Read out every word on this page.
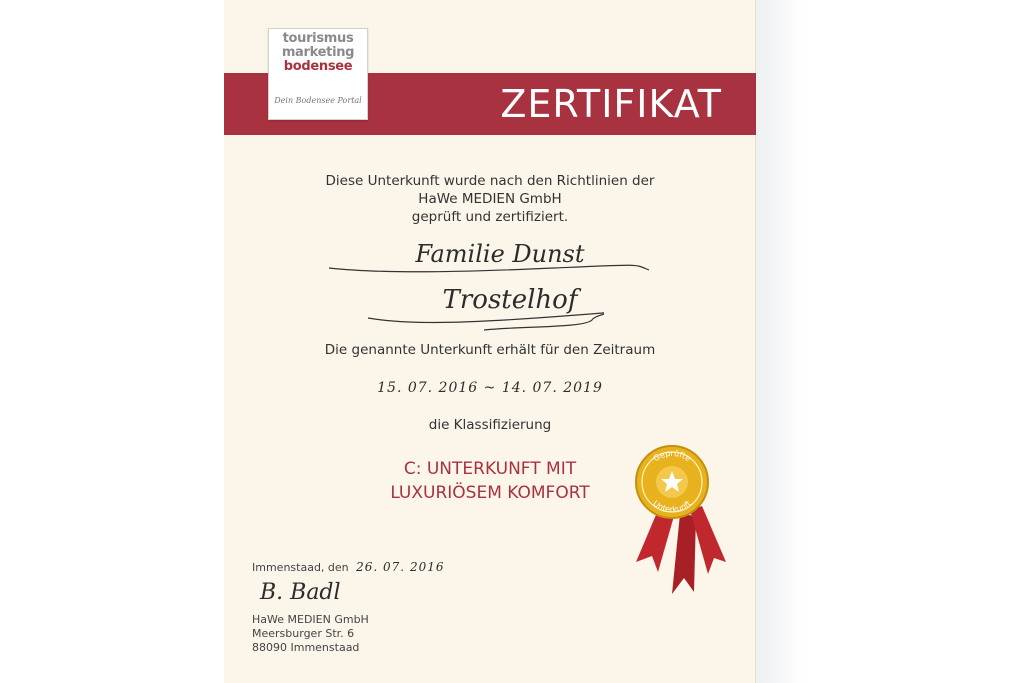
ZERTIFIKAT
tourismus
marketing
bodensee
Dein Bodensee Portal
Diese Unterkunft wurde nach den Richtlinien der
HaWe MEDIEN GmbH
geprüft und zertifiziert.
Familie Dunst
Trostelhof
Die genannte Unterkunft erhält für den Zeitraum
15. 07. 2016 ~ 14. 07. 2019
die Klassifizierung
C: UNTERKUNFT MIT
LUXURIÖSEM KOMFORT
Immenstaad, den 26. 07. 2016
B. Badl
HaWe MEDIEN GmbH
Meersburger Str. 6
88090 Immenstaad
Geprüfte
Unterkunft
